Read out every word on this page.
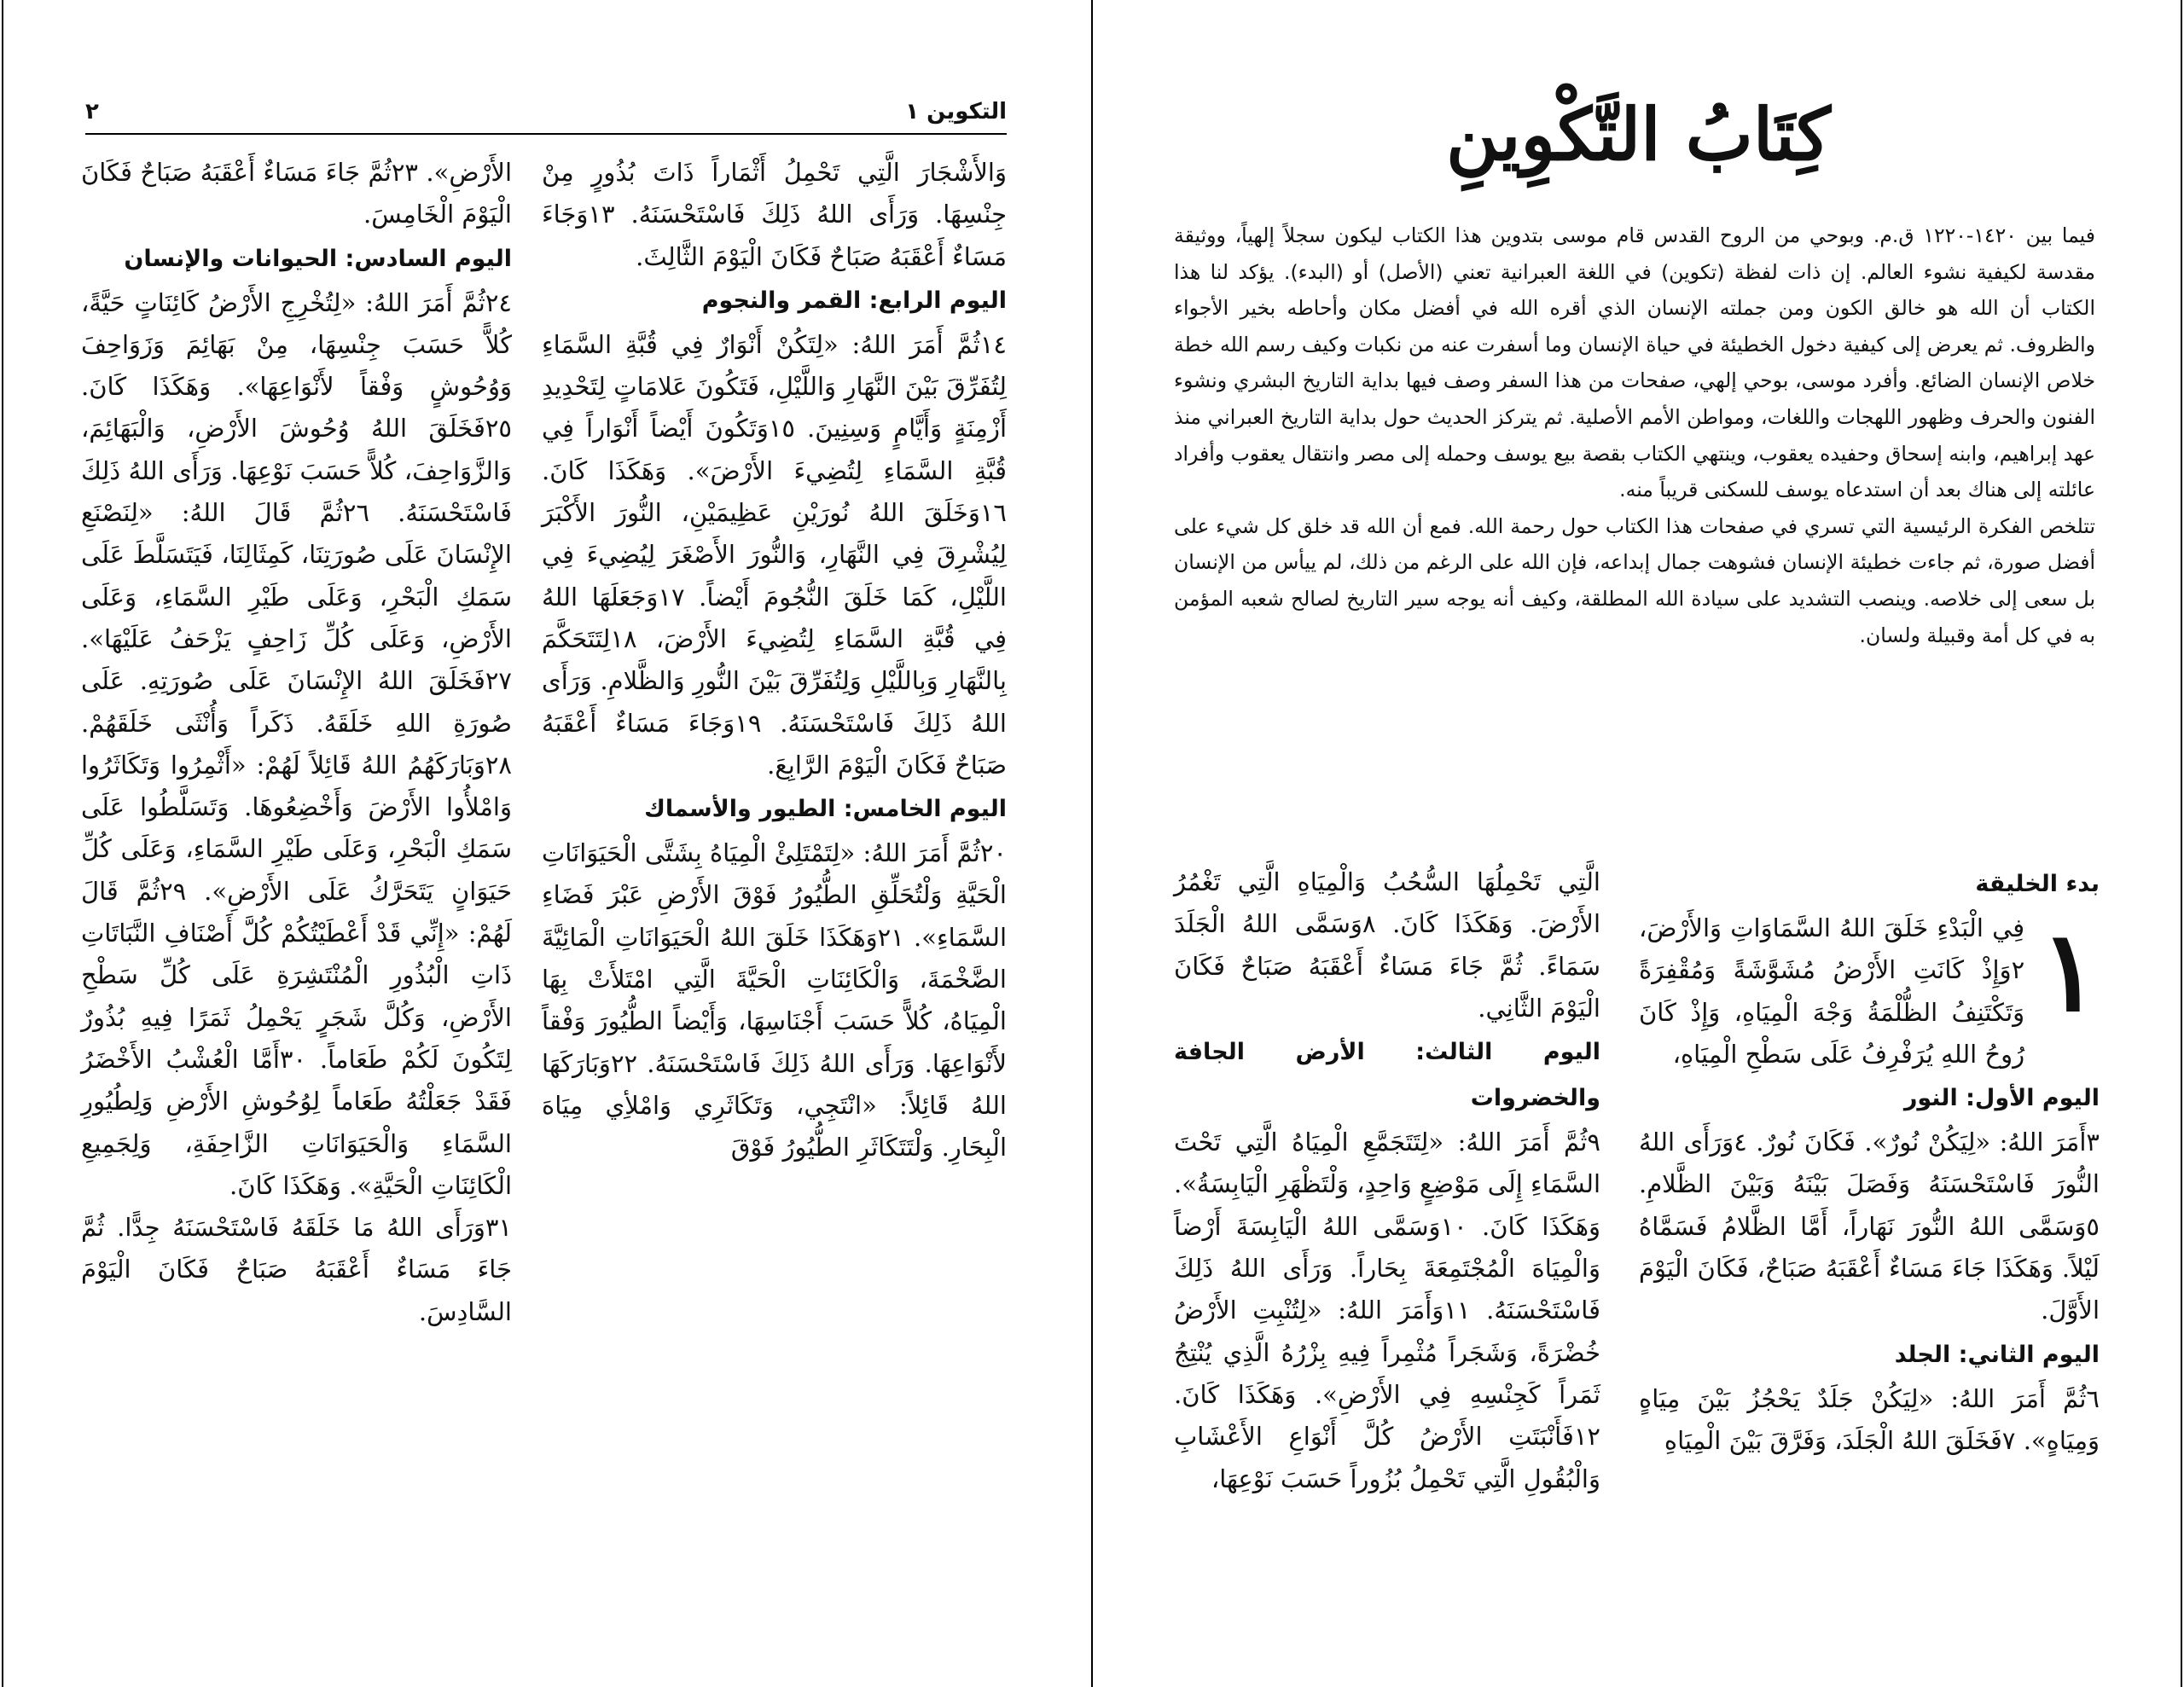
التكوين ١
٢

وَالأَشْجَارَ الَّتِي تَحْمِلُ أَثْمَاراً ذَاتَ بُذُورٍ مِنْ جِنْسِهَا. وَرَأَى اللهُ ذَلِكَ فَاسْتَحْسَنَهُ. ١٣وَجَاءَ مَسَاءٌ أَعْقَبَهُ صَبَاحٌ فَكَانَ الْيَوْمَ الثَّالِثَ.

اليوم الرابع: القمر والنجوم

١٤ثُمَّ أَمَرَ اللهُ: «لِتَكُنْ أَنْوَارٌ فِي قُبَّةِ السَّمَاءِ لِتُفَرِّقَ بَيْنَ النَّهَارِ وَاللَّيْلِ، فَتَكُونَ عَلامَاتٍ لِتَحْدِيدِ أَزْمِنَةٍ وَأَيَّامٍ وَسِنِينَ. ١٥وَتَكُونَ أَيْضاً أَنْوَاراً فِي قُبَّةِ السَّمَاءِ لِتُضِيءَ الأَرْضَ». وَهَكَذَا كَانَ. ١٦وَخَلَقَ اللهُ نُورَيْنِ عَظِيمَيْنِ، النُّورَ الأَكْبَرَ لِيُشْرِقَ فِي النَّهَارِ، وَالنُّورَ الأَصْغَرَ لِيُضِيءَ فِي اللَّيْلِ، كَمَا خَلَقَ النُّجُومَ أَيْضاً. ١٧وَجَعَلَهَا اللهُ فِي قُبَّةِ السَّمَاءِ لِتُضِيءَ الأَرْضَ، ١٨لِتَتَحَكَّمَ بِالنَّهَارِ وَبِاللَّيْلِ وَلِتُفَرِّقَ بَيْنَ النُّورِ وَالظَّلامِ. وَرَأَى اللهُ ذَلِكَ فَاسْتَحْسَنَهُ. ١٩وَجَاءَ مَسَاءٌ أَعْقَبَهُ صَبَاحٌ فَكَانَ الْيَوْمَ الرَّابِعَ.

اليوم الخامس: الطيور والأسماك

٢٠ثُمَّ أَمَرَ اللهُ: «لِتَمْتَلِئْ الْمِيَاهُ بِشَتَّى الْحَيَوَانَاتِ الْحَيَّةِ وَلْتُحَلِّقِ الطُّيُورُ فَوْقَ الأَرْضِ عَبْرَ فَضَاءِ السَّمَاءِ». ٢١وَهَكَذَا خَلَقَ اللهُ الْحَيَوَانَاتِ الْمَائِيَّةَ الضَّخْمَةَ، وَالْكَائِنَاتِ الْحَيَّةَ الَّتِي امْتَلأَتْ بِهَا الْمِيَاهُ، كُلاًّ حَسَبَ أَجْنَاسِهَا، وَأَيْضاً الطُّيُورَ وَفْقاً لأَنْوَاعِهَا. وَرَأَى اللهُ ذَلِكَ فَاسْتَحْسَنَهُ. ٢٢وَبَارَكَهَا اللهُ قَائِلاً: «انْتَجِي، وَتَكَاثَرِي وَامْلأِي مِيَاهَ الْبِحَارِ. وَلْتَتَكَاثَرِ الطُّيُورُ فَوْقَ

الأَرْضِ». ٢٣ثُمَّ جَاءَ مَسَاءٌ أَعْقَبَهُ صَبَاحٌ فَكَانَ الْيَوْمَ الْخَامِسَ.

اليوم السادس: الحيوانات والإنسان

٢٤ثُمَّ أَمَرَ اللهُ: «لِتُخْرِجِ الأَرْضُ كَائِنَاتٍ حَيَّةً، كُلاًّ حَسَبَ جِنْسِهَا، مِنْ بَهَائِمَ وَزَوَاحِفَ وَوُحُوشٍ وَفْقاً لأَنْوَاعِهَا». وَهَكَذَا كَانَ. ٢٥فَخَلَقَ اللهُ وُحُوشَ الأَرْضِ، وَالْبَهَائِمَ، وَالزَّوَاحِفَ، كُلاًّ حَسَبَ نَوْعِهَا. وَرَأَى اللهُ ذَلِكَ فَاسْتَحْسَنَهُ. ٢٦ثُمَّ قَالَ اللهُ: «لِنَصْنَعِ الإِنْسَانَ عَلَى صُورَتِنَا، كَمِثَالِنَا، فَيَتَسَلَّطَ عَلَى سَمَكِ الْبَحْرِ، وَعَلَى طَيْرِ السَّمَاءِ، وَعَلَى الأَرْضِ، وَعَلَى كُلِّ زَاحِفٍ يَزْحَفُ عَلَيْهَا». ٢٧فَخَلَقَ اللهُ الإِنْسَانَ عَلَى صُورَتِهِ. عَلَى صُورَةِ اللهِ خَلَقَهُ. ذَكَراً وَأُنْثَى خَلَقَهُمْ. ٢٨وَبَارَكَهُمُ اللهُ قَائِلاً لَهُمْ: «أَثْمِرُوا وَتَكَاثَرُوا وَامْلأُوا الأَرْضَ وَأَخْضِعُوهَا. وَتَسَلَّطُوا عَلَى سَمَكِ الْبَحْرِ، وَعَلَى طَيْرِ السَّمَاءِ، وَعَلَى كُلِّ حَيَوَانٍ يَتَحَرَّكُ عَلَى الأَرْضِ». ٢٩ثُمَّ قَالَ لَهُمْ: «إِنِّي قَدْ أَعْطَيْتُكُمْ كُلَّ أَصْنَافِ النَّبَاتَاتِ ذَاتِ الْبُذُورِ الْمُنْتَشِرَةِ عَلَى كُلِّ سَطْحِ الأَرْضِ، وَكُلَّ شَجَرٍ يَحْمِلُ ثَمَرًا فِيهِ بُذُورٌ لِتَكُونَ لَكُمْ طَعَاماً. ٣٠أَمَّا الْعُشْبُ الأَخْضَرُ فَقَدْ جَعَلْتُهُ طَعَاماً لِوُحُوشِ الأَرْضِ وَلِطُيُورِ السَّمَاءِ وَالْحَيَوَانَاتِ الزَّاحِفَةِ، وَلِجَمِيعِ الْكَائِنَاتِ الْحَيَّةِ». وَهَكَذَا كَانَ.

٣١وَرَأَى اللهُ مَا خَلَقَهُ فَاسْتَحْسَنَهُ جِدًّا. ثُمَّ جَاءَ مَسَاءٌ أَعْقَبَهُ صَبَاحٌ فَكَانَ الْيَوْمَ السَّادِسَ.

كِتَابُ التَّكْوِينِ

فيما بين ١٤٢٠-١٢٢٠ ق.م. وبوحي من الروح القدس قام موسى بتدوين هذا الكتاب ليكون سجلاً إلهياً، ووثيقة مقدسة لكيفية نشوء العالم. إن ذات لفظة (تكوين) في اللغة العبرانية تعني (الأصل) أو (البدء). يؤكد لنا هذا الكتاب أن الله هو خالق الكون ومن جملته الإنسان الذي أقره الله في أفضل مكان وأحاطه بخير الأجواء والظروف. ثم يعرض إلى كيفية دخول الخطيئة في حياة الإنسان وما أسفرت عنه من نكبات وكيف رسم الله خطة خلاص الإنسان الضائع. وأفرد موسى، بوحي إلهي، صفحات من هذا السفر وصف فيها بداية التاريخ البشري ونشوء الفنون والحرف وظهور اللهجات واللغات، ومواطن الأمم الأصلية. ثم يتركز الحديث حول بداية التاريخ العبراني منذ عهد إبراهيم، وابنه إسحاق وحفيده يعقوب، وينتهي الكتاب بقصة بيع يوسف وحمله إلى مصر وانتقال يعقوب وأفراد عائلته إلى هناك بعد أن استدعاه يوسف للسكنى قريباً منه.

تتلخص الفكرة الرئيسية التي تسري في صفحات هذا الكتاب حول رحمة الله. فمع أن الله قد خلق كل شيء على أفضل صورة، ثم جاءت خطيئة الإنسان فشوهت جمال إبداعه، فإن الله على الرغم من ذلك، لم ييأس من الإنسان بل سعى إلى خلاصه. وينصب التشديد على سيادة الله المطلقة، وكيف أنه يوجه سير التاريخ لصالح شعبه المؤمن به في كل أمة وقبيلة ولسان.

بدء الخليقة

١

فِي الْبَدْءِ خَلَقَ اللهُ السَّمَاوَاتِ وَالأَرْضَ، ٢وَإِذْ كَانَتِ الأَرْضُ مُشَوَّشَةً وَمُقْفِرَةً وَتَكْتَنِفُ الظُّلْمَةُ وَجْهَ الْمِيَاهِ، وَإِذْ كَانَ رُوحُ اللهِ يُرَفْرِفُ عَلَى سَطْحِ الْمِيَاهِ،

اليوم الأول: النور

٣أَمَرَ اللهُ: «لِيَكُنْ نُورٌ». فَكَانَ نُورٌ. ٤وَرَأَى اللهُ النُّورَ فَاسْتَحْسَنَهُ وَفَصَلَ بَيْنَهُ وَبَيْنَ الظَّلامِ. ٥وَسَمَّى اللهُ النُّورَ نَهَاراً، أَمَّا الظَّلامُ فَسَمَّاهُ لَيْلاً. وَهَكَذَا جَاءَ مَسَاءٌ أَعْقَبَهُ صَبَاحٌ، فَكَانَ الْيَوْمَ الأَوَّلَ.

اليوم الثاني: الجلد

٦ثُمَّ أَمَرَ اللهُ: «لِيَكُنْ جَلَدٌ يَحْجُزُ بَيْنَ مِيَاهٍ وَمِيَاهٍ». ٧فَخَلَقَ اللهُ الْجَلَدَ، وَفَرَّقَ بَيْنَ الْمِيَاهِ

الَّتِي تَحْمِلُهَا السُّحُبُ وَالْمِيَاهِ الَّتِي تَغْمُرُ الأَرْضَ. وَهَكَذَا كَانَ. ٨وَسَمَّى اللهُ الْجَلَدَ سَمَاءً. ثُمَّ جَاءَ مَسَاءٌ أَعْقَبَهُ صَبَاحٌ فَكَانَ الْيَوْمَ الثَّانِي.

اليوم الثالث: الأرض الجافة والخضروات

٩ثُمَّ أَمَرَ اللهُ: «لِتَتَجَمَّعِ الْمِيَاهُ الَّتِي تَحْتَ السَّمَاءِ إِلَى مَوْضِعٍ وَاحِدٍ، وَلْتَظْهَرِ الْيَابِسَةُ». وَهَكَذَا كَانَ. ١٠وَسَمَّى اللهُ الْيَابِسَةَ أَرْضاً وَالْمِيَاهَ الْمُجْتَمِعَةَ بِحَاراً. وَرَأَى اللهُ ذَلِكَ فَاسْتَحْسَنَهُ. ١١وَأَمَرَ اللهُ: «لِتُنْبِتِ الأَرْضُ خُضْرَةً، وَشَجَراً مُثْمِراً فِيهِ بِزْرُهُ الَّذِي يُنْتِجُ ثَمَراً كَجِنْسِهِ فِي الأَرْضِ». وَهَكَذَا كَانَ. ١٢فَأَنْبَتَتِ الأَرْضُ كُلَّ أَنْوَاعِ الأَعْشَابِ وَالْبُقُولِ الَّتِي تَحْمِلُ بُزُوراً حَسَبَ نَوْعِهَا،
